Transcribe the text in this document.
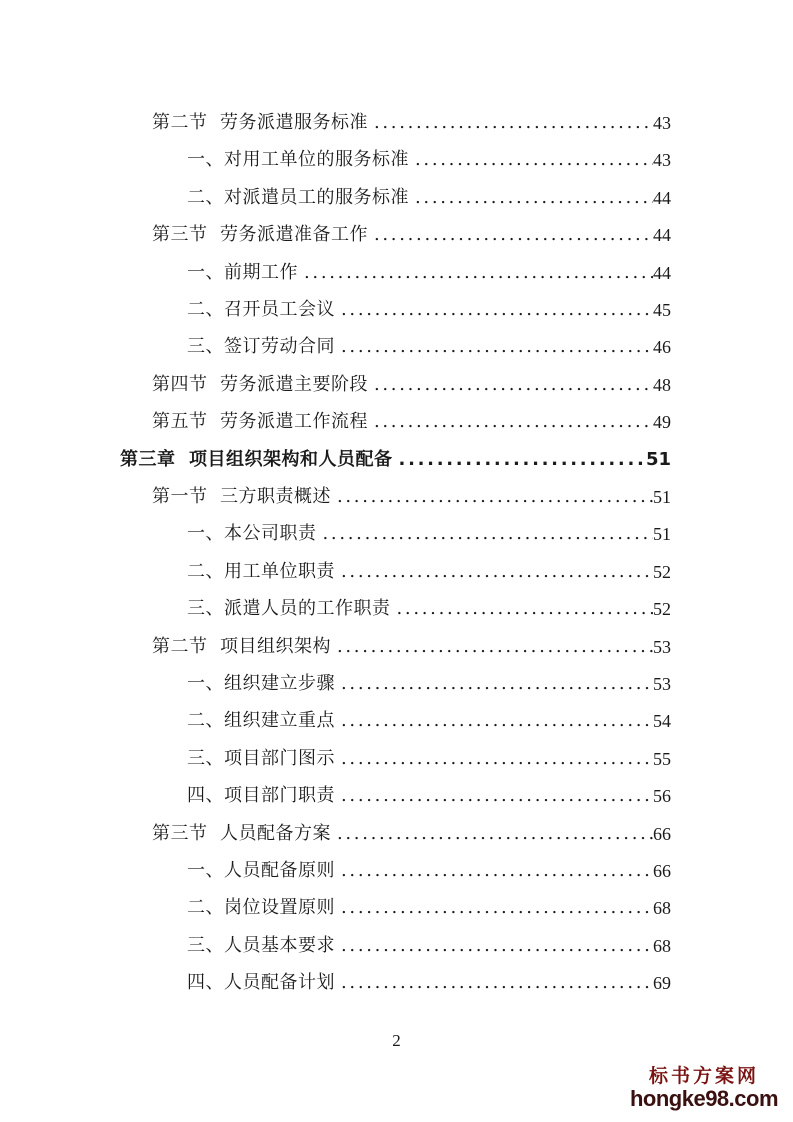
第二节  劳务派遣服务标准 .....	43
一、对用工单位的服务标准 .....	43
二、对派遣员工的服务标准 .....	44
第三节  劳务派遣准备工作 .....	44
一、前期工作 .....	44
二、召开员工会议 .....	45
三、签订劳动合同 .....	46
第四节  劳务派遣主要阶段 .....	48
第五节  劳务派遣工作流程 .....	49
第三章  项目组织架构和人员配备 .....	51
第一节  三方职责概述 .....	51
一、本公司职责 .....	51
二、用工单位职责 .....	52
三、派遣人员的工作职责 .....	52
第二节  项目组织架构 .....	53
一、组织建立步骤 .....	53
二、组织建立重点 .....	54
三、项目部门图示 .....	55
四、项目部门职责 .....	56
第三节  人员配备方案 .....	66
一、人员配备原则 .....	66
二、岗位设置原则 .....	68
三、人员基本要求 .....	68
四、人员配备计划 .....	69
2
标书方案网
hongke98.com
